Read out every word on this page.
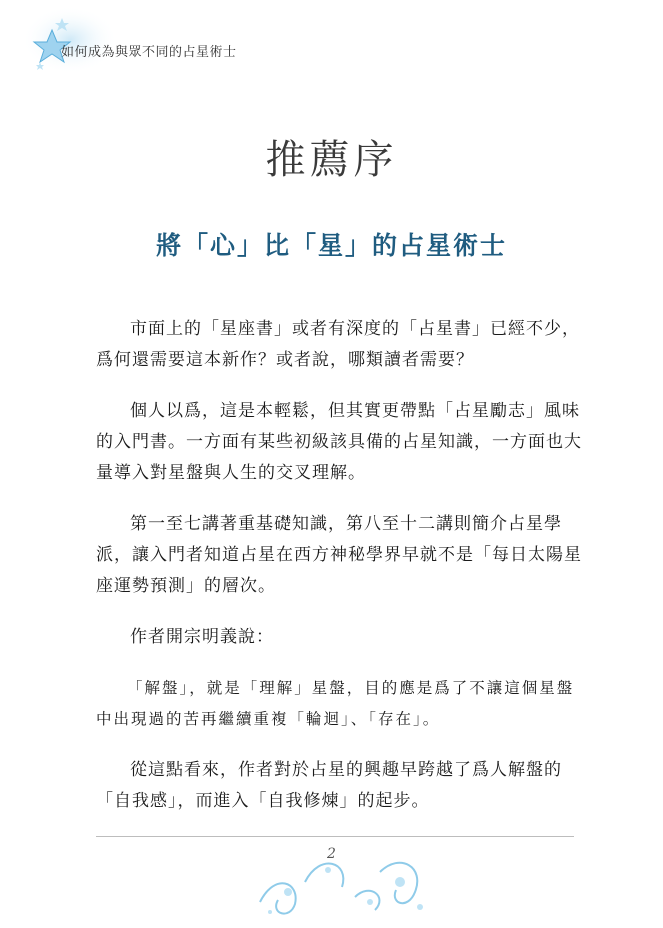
如何成為與眾不同的占星術士
推薦序
將「心」比「星」的占星術士

市面上的「星座書」或者有深度的「占星書」已經不少，爲何還需要這本新作？或者說，哪類讀者需要？

個人以爲，這是本輕鬆，但其實更帶點「占星勵志」風味的入門書。一方面有某些初級該具備的占星知識，一方面也大量導入對星盤與人生的交叉理解。

第一至七講著重基礎知識，第八至十二講則簡介占星學派，讓入門者知道占星在西方神秘學界早就不是「每日太陽星座運勢預測」的層次。

作者開宗明義說：

「解盤」，就是「理解」星盤，目的應是爲了不讓這個星盤中出現過的苦再繼續重複「輪迴」、「存在」。

從這點看來，作者對於占星的興趣早跨越了爲人解盤的「自我感」，而進入「自我修煉」的起步。

2
